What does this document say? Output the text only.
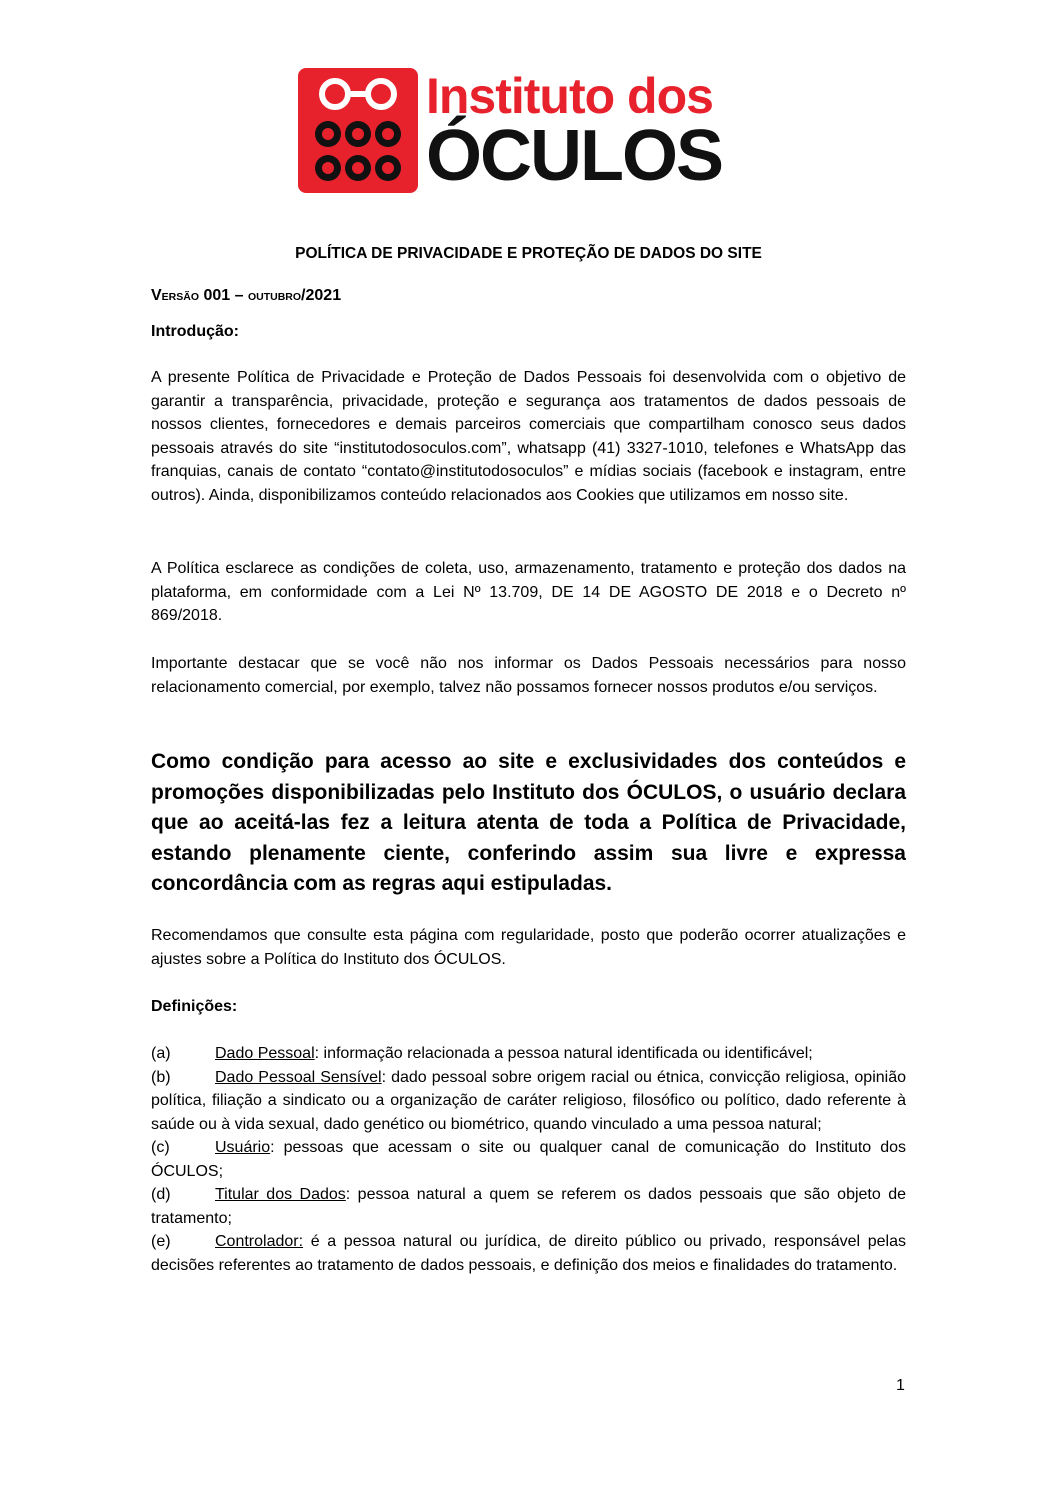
Instituto dos
ÓCULOS
POLÍTICA DE PRIVACIDADE E PROTEÇÃO DE DADOS DO SITE
VERSÃO 001 – OUTUBRO/2021
Introdução:
A presente Política de Privacidade e Proteção de Dados Pessoais foi desenvolvida com o objetivo de garantir a transparência, privacidade, proteção e segurança aos tratamentos de dados pessoais de nossos clientes, fornecedores e demais parceiros comerciais que compartilham conosco seus dados pessoais através do site “institutodosoculos.com”, whatsapp (41) 3327-1010, telefones e WhatsApp das franquias, canais de contato “contato@institutodosoculos” e mídias sociais (facebook e instagram, entre outros). Ainda, disponibilizamos conteúdo relacionados aos Cookies que utilizamos em nosso site.
A Política esclarece as condições de coleta, uso, armazenamento, tratamento e proteção dos dados na plataforma, em conformidade com a Lei Nº 13.709, DE 14 DE AGOSTO DE 2018 e o Decreto nº 869/2018.
Importante destacar que se você não nos informar os Dados Pessoais necessários para nosso relacionamento comercial, por exemplo, talvez não possamos fornecer nossos produtos e/ou serviços.
Como condição para acesso ao site e exclusividades dos conteúdos e promoções disponibilizadas pelo Instituto dos ÓCULOS, o usuário declara que ao aceitá-las fez a leitura atenta de toda a Política de Privacidade, estando plenamente ciente, conferindo assim sua livre e expressa concordância com as regras aqui estipuladas.
Recomendamos que consulte esta página com regularidade, posto que poderão ocorrer atualizações e ajustes sobre a Política do Instituto dos ÓCULOS.
Definições:
(a)	Dado Pessoal: informação relacionada a pessoa natural identificada ou identificável;
(b)	Dado Pessoal Sensível: dado pessoal sobre origem racial ou étnica, convicção religiosa, opinião política, filiação a sindicato ou a organização de caráter religioso, filosófico ou político, dado referente à saúde ou à vida sexual, dado genético ou biométrico, quando vinculado a uma pessoa natural;
(c)	Usuário: pessoas que acessam o site ou qualquer canal de comunicação do Instituto dos ÓCULOS;
(d)	Titular dos Dados: pessoa natural a quem se referem os dados pessoais que são objeto de tratamento;
(e)	Controlador: é a pessoa natural ou jurídica, de direito público ou privado, responsável pelas decisões referentes ao tratamento de dados pessoais, e definição dos meios e finalidades do tratamento.
1
